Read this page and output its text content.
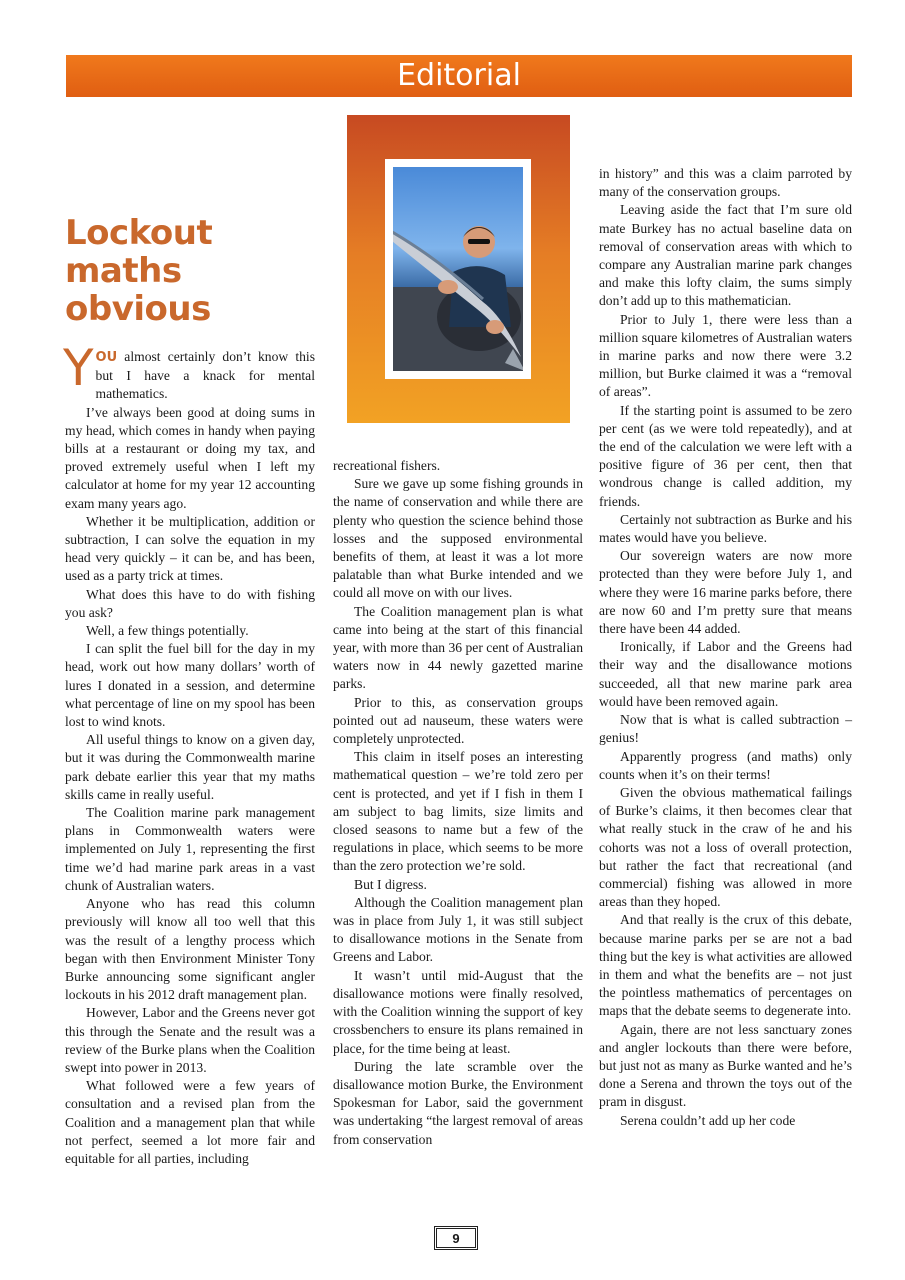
Editorial
Lockout
maths
obvious

YOU almost certainly don’t know this but I have a knack for mental mathematics.

I’ve always been good at doing sums in my head, which comes in handy when paying bills at a restaurant or doing my tax, and proved extremely useful when I left my calculator at home for my year 12 accounting exam many years ago.

Whether it be multiplication, addition or subtraction, I can solve the equation in my head very quickly – it can be, and has been, used as a party trick at times.

What does this have to do with fishing you ask?

Well, a few things potentially.

I can split the fuel bill for the day in my head, work out how many dollars’ worth of lures I donated in a session, and determine what percentage of line on my spool has been lost to wind knots.

All useful things to know on a given day, but it was during the Commonwealth marine park debate earlier this year that my maths skills came in really useful.

The Coalition marine park management plans in Commonwealth waters were implemented on July 1, representing the first time we’d had marine park areas in a vast chunk of Australian waters.

Anyone who has read this column previously will know all too well that this was the result of a lengthy process which began with then Environment Minister Tony Burke announcing some significant angler lockouts in his 2012 draft management plan.

However, Labor and the Greens never got this through the Senate and the result was a review of the Burke plans when the Coalition swept into power in 2013.

What followed were a few years of consultation and a revised plan from the Coalition and a management plan that while not perfect, seemed a lot more fair and equitable for all parties, including

recreational fishers.

Sure we gave up some fishing grounds in the name of conservation and while there are plenty who question the science behind those losses and the supposed environmental benefits of them, at least it was a lot more palatable than what Burke intended and we could all move on with our lives.

The Coalition management plan is what came into being at the start of this financial year, with more than 36 per cent of Australian waters now in 44 newly gazetted marine parks.

Prior to this, as conservation groups pointed out ad nauseum, these waters were completely unprotected.

This claim in itself poses an interesting mathematical question – we’re told zero per cent is protected, and yet if I fish in them I am subject to bag limits, size limits and closed seasons to name but a few of the regulations in place, which seems to be more than the zero protection we’re sold.

But I digress.

Although the Coalition management plan was in place from July 1, it was still subject to disallowance motions in the Senate from Greens and Labor.

It wasn’t until mid-August that the disallowance motions were finally resolved, with the Coalition winning the support of key crossbenchers to ensure its plans remained in place, for the time being at least.

During the late scramble over the disallowance motion Burke, the Environment Spokesman for Labor, said the government was undertaking “the largest removal of areas from conservation

in history” and this was a claim parroted by many of the conservation groups.

Leaving aside the fact that I’m sure old mate Burkey has no actual baseline data on removal of conservation areas with which to compare any Australian marine park changes and make this lofty claim, the sums simply don’t add up to this mathematician.

Prior to July 1, there were less than a million square kilometres of Australian waters in marine parks and now there were 3.2 million, but Burke claimed it was a “removal of areas”.

If the starting point is assumed to be zero per cent (as we were told repeatedly), and at the end of the calculation we were left with a positive figure of 36 per cent, then that wondrous change is called addition, my friends.

Certainly not subtraction as Burke and his mates would have you believe.

Our sovereign waters are now more protected than they were before July 1, and where they were 16 marine parks before, there are now 60 and I’m pretty sure that means there have been 44 added.

Ironically, if Labor and the Greens had their way and the disallowance motions succeeded, all that new marine park area would have been removed again.

Now that is what is called subtraction – genius!

Apparently progress (and maths) only counts when it’s on their terms!

Given the obvious mathematical failings of Burke’s claims, it then becomes clear that what really stuck in the craw of he and his cohorts was not a loss of overall protection, but rather the fact that recreational (and commercial) fishing was allowed in more areas than they hoped.

And that really is the crux of this debate, because marine parks per se are not a bad thing but the key is what activities are allowed in them and what the benefits are – not just the pointless mathematics of percentages on maps that the debate seems to degenerate into.

Again, there are not less sanctuary zones and angler lockouts than there were before, but just not as many as Burke wanted and he’s done a Serena and thrown the toys out of the pram in disgust.

Serena couldn’t add up her code

9
